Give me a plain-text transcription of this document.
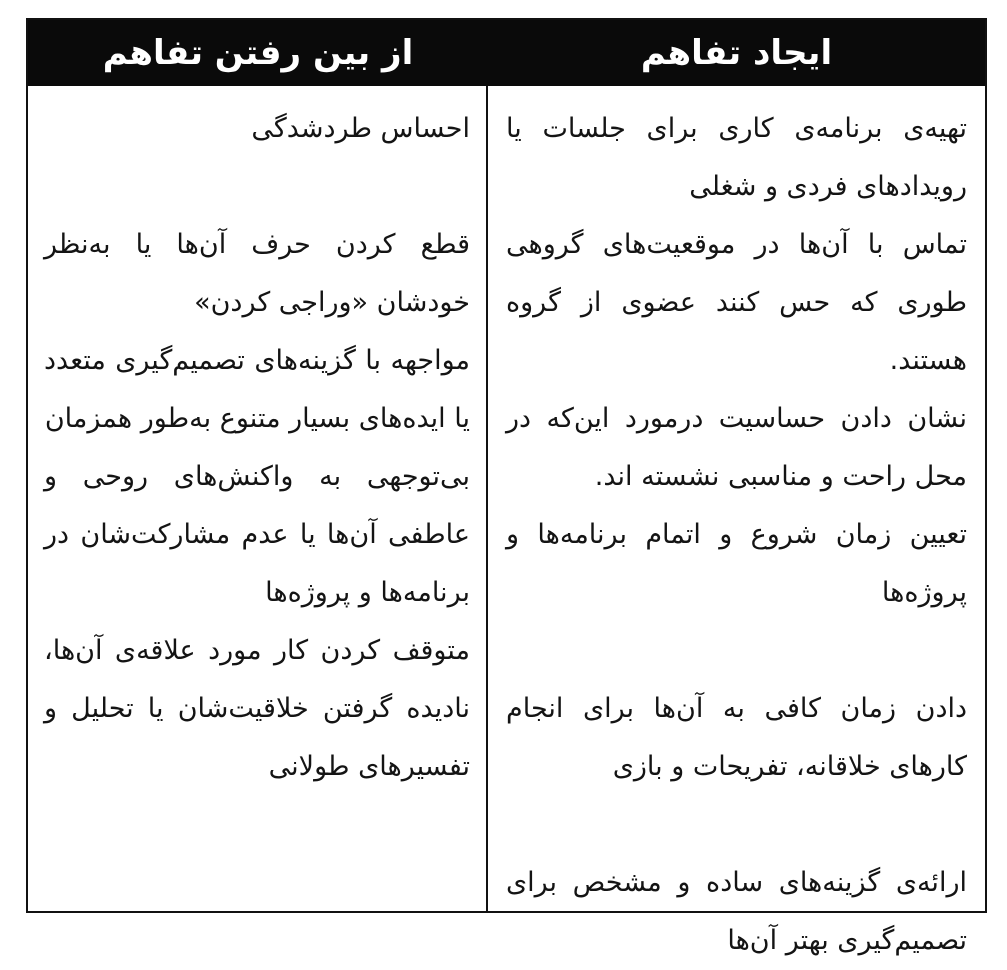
ایجاد تفاهم
از بین رفتن تفاهم

تهیه‌ی برنامه‌ی کاری برای جلسات یا رویدادهای فردی و شغلی

تماس با آن‌ها در موقعیت‌های گروهی طوری که حس کنند عضوی از گروه هستند.

نشان دادن حساسیت درمورد این‌که در محل راحت و مناسبی نشسته اند.

تعیین زمان شروع و اتمام برنامه‌ها و پروژه‌ها

دادن زمان کافی به آن‌ها برای انجام کارهای خلاقانه، تفریحات و بازی

ارائه‌ی گزینه‌های ساده و مشخص برای تصمیم‌گیری بهتر آن‌ها

احساس طردشدگی

قطع کردن حرف آن‌ها یا به‌نظر خودشان «وراجی کردن»

مواجهه با گزینه‌های تصمیم‌گیری متعدد یا ایده‌های بسیار متنوع به‌طور همزمان

بی‌توجهی به واکنش‌های روحی و عاطفی آن‌ها یا عدم مشارکت‌شان در برنامه‌ها و پروژه‌ها

متوقف کردن کار مورد علاقه‌ی آن‌ها، نادیده گرفتن خلاقیت‌شان یا تحلیل و تفسیرهای طولانی
